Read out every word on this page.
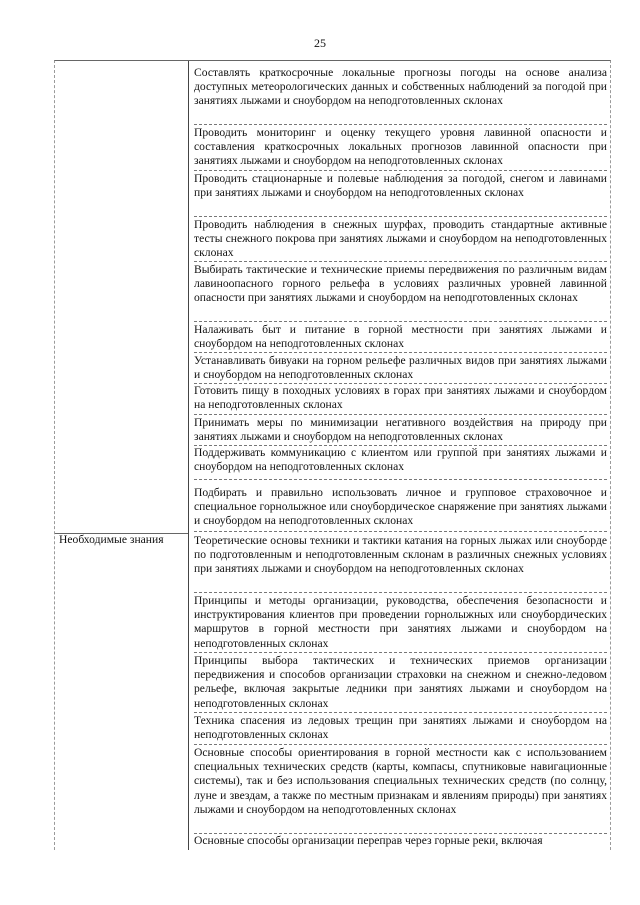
25
Необходимые знания
Составлять краткосрочные локальные прогнозы погоды на основе анализа доступных метеорологических данных и собственных наблюдений за погодой при занятиях лыжами и сноубордом на неподготовленных склонах
Проводить мониторинг и оценку текущего уровня лавинной опасности и составления краткосрочных локальных прогнозов лавинной опасности при занятиях лыжами и сноубордом на неподготовленных склонах
Проводить стационарные и полевые наблюдения за погодой, снегом и лавинами при занятиях лыжами и сноубордом на неподготовленных склонах
Проводить наблюдения в снежных шурфах, проводить стандартные активные тесты снежного покрова при занятиях лыжами и сноубордом на неподготовленных склонах
Выбирать тактические и технические приемы передвижения по различным видам лавиноопасного горного рельефа в условиях различных уровней лавинной опасности при занятиях лыжами и сноубордом на неподготовленных склонах
Налаживать быт и питание в горной местности при занятиях лыжами и сноубордом на неподготовленных склонах
Устанавливать бивуаки на горном рельефе различных видов при занятиях лыжами и сноубордом на неподготовленных склонах
Готовить пищу в походных условиях в горах при занятиях лыжами и сноубордом на неподготовленных склонах
Принимать меры по минимизации негативного воздействия на природу при занятиях лыжами и сноубордом на неподготовленных склонах
Поддерживать коммуникацию с клиентом или группой при занятиях лыжами и сноубордом на неподготовленных склонах
Подбирать и правильно использовать личное и групповое страховочное и специальное горнолыжное или сноубордическое снаряжение при занятиях лыжами и сноубордом на неподготовленных склонах
Теоретические основы техники и тактики катания на горных лыжах или сноуборде по подготовленным и неподготовленным склонам в различных снежных условиях при занятиях лыжами и сноубордом на неподготовленных склонах
Принципы и методы организации, руководства, обеспечения безопасности и инструктирования клиентов при проведении горнолыжных или сноубордических маршрутов в горной местности при занятиях лыжами и сноубордом на неподготовленных склонах
Принципы выбора тактических и технических приемов организации передвижения и способов организации страховки на снежном и снежно-ледовом рельефе, включая закрытые ледники при занятиях лыжами и сноубордом на неподготовленных склонах
Техника спасения из ледовых трещин при занятиях лыжами и сноубордом на неподготовленных склонах
Основные способы ориентирования в горной местности как с использованием специальных технических средств (карты, компасы, спутниковые навигационные системы), так и без использования специальных технических средств (по солнцу, луне и звездам, а также по местным признакам и явлениям природы) при занятиях лыжами и сноубордом на неподготовленных склонах
Основные способы организации переправ через горные реки, включая
